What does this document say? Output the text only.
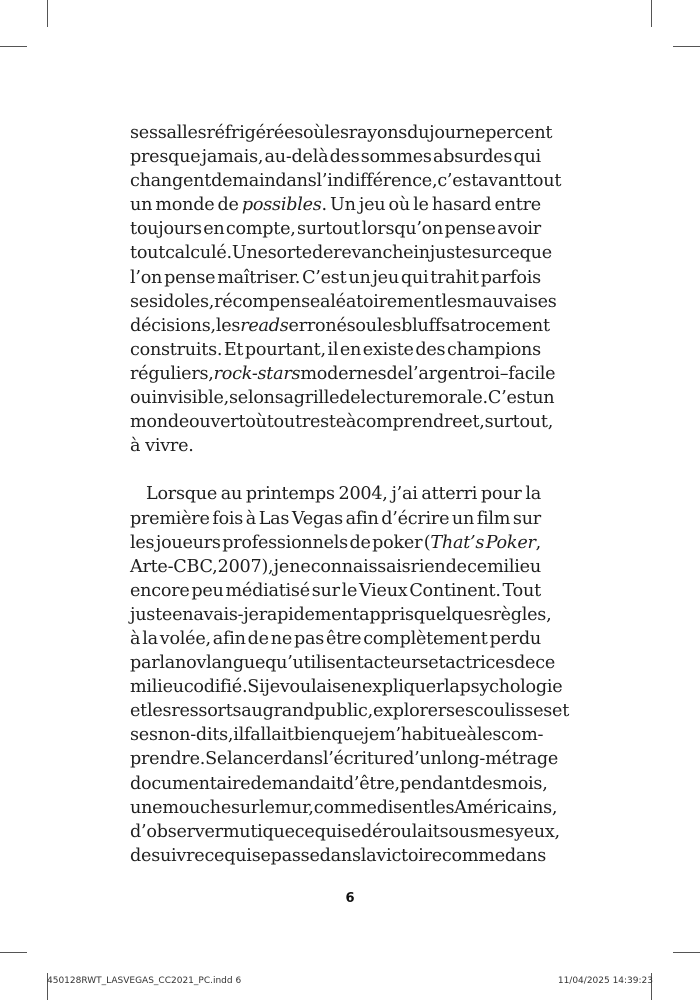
ses salles réfrigérées où les rayons du jour ne percent
presque jamais, au-delà des sommes absurdes qui
changent de main dans l’indifférence, c’est avant tout
un monde de possibles. Un jeu où le hasard entre
toujours en compte, surtout lorsqu’on pense avoir
tout calculé. Une sorte de revanche injuste sur ce que
l’on pense maîtriser. C’est un jeu qui trahit parfois
ses idoles, récompense aléatoirement les mauvaises
décisions, les reads erronés ou les bluffs atrocement
construits. Et pourtant, il en existe des champions
réguliers, rock-stars modernes de l’argent roi – facile
ou invisible, selon sa grille de lecture morale. C’est un
monde ouvert où tout reste à comprendre et, surtout,
à vivre.
Lorsque au printemps 2004, j’ai atterri pour la
première fois à Las Vegas afin d’écrire un film sur
les joueurs professionnels de poker (That’s Poker,
Arte-CBC, 2007), je ne connaissais rien de ce milieu
encore peu médiatisé sur le Vieux Continent. Tout
juste en avais-je rapidement appris quelques règles,
à la volée, afin de ne pas être complètement perdu
par la novlangue qu’utilisent acteurs et actrices de ce
milieu codifié. Si je voulais en expliquer la psychologie
et les ressorts au grand public, explorer ses coulisses et
ses non-dits, il fallait bien que je m’habitue à les com-
prendre. Se lancer dans l’écriture d’un long-métrage
documentaire demandait d’être, pendant des mois,
une mouche sur le mur, comme disent les Américains,
d’observer mutique ce qui se déroulait sous mes yeux,
de suivre ce qui se passe dans la victoire comme dans
6
450128RWT_LASVEGAS_CC2021_PC.indd 6	11/04/2025 14:39:23
